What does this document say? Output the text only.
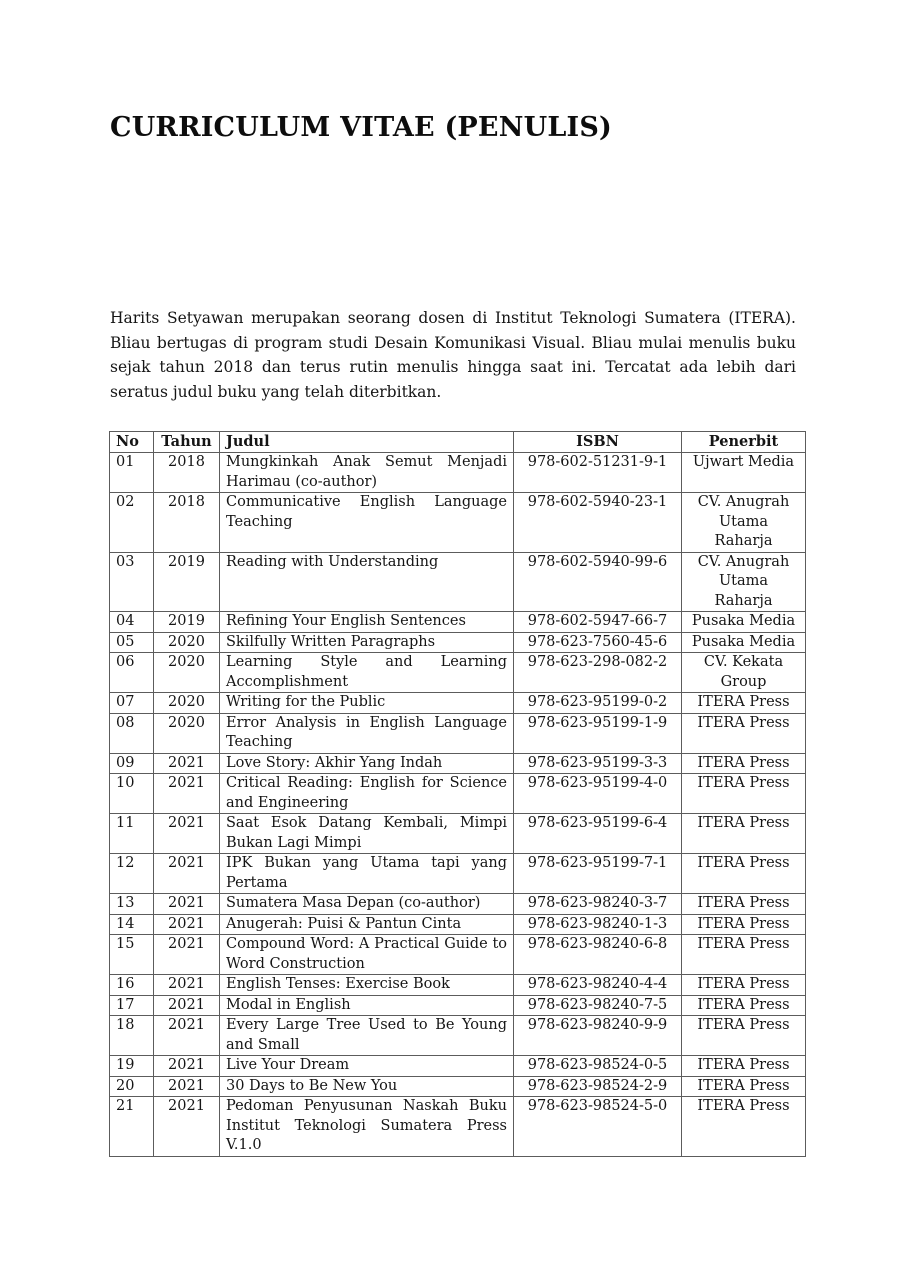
CURRICULUM VITAE (PENULIS)

Harits Setyawan merupakan seorang dosen di Institut Teknologi Sumatera (ITERA). Bliau bertugas di program studi Desain Komunikasi Visual. Bliau mulai menulis buku sejak tahun 2018 dan terus rutin menulis hingga saat ini. Tercatat ada lebih dari seratus judul buku yang telah diterbitkan.

No	Tahun	Judul	ISBN	Penerbit
01	2018	Mungkinkah Anak Semut Menjadi Harimau (co-author)	978-602-51231-9-1	Ujwart Media
02	2018	Communicative English Language Teaching	978-602-5940-23-1	CV. Anugrah Utama Raharja
03	2019	Reading with Understanding	978-602-5940-99-6	CV. Anugrah Utama Raharja
04	2019	Refining Your English Sentences	978-602-5947-66-7	Pusaka Media
05	2020	Skilfully Written Paragraphs	978-623-7560-45-6	Pusaka Media
06	2020	Learning Style and Learning Accomplishment	978-623-298-082-2	CV. Kekata Group
07	2020	Writing for the Public	978-623-95199-0-2	ITERA Press
08	2020	Error Analysis in English Language Teaching	978-623-95199-1-9	ITERA Press
09	2021	Love Story: Akhir Yang Indah	978-623-95199-3-3	ITERA Press
10	2021	Critical Reading: English for Science and Engineering	978-623-95199-4-0	ITERA Press
11	2021	Saat Esok Datang Kembali, Mimpi Bukan Lagi Mimpi	978-623-95199-6-4	ITERA Press
12	2021	IPK Bukan yang Utama tapi yang Pertama	978-623-95199-7-1	ITERA Press
13	2021	Sumatera Masa Depan (co-author)	978-623-98240-3-7	ITERA Press
14	2021	Anugerah: Puisi & Pantun Cinta	978-623-98240-1-3	ITERA Press
15	2021	Compound Word: A Practical Guide to Word Construction	978-623-98240-6-8	ITERA Press
16	2021	English Tenses: Exercise Book	978-623-98240-4-4	ITERA Press
17	2021	Modal in English	978-623-98240-7-5	ITERA Press
18	2021	Every Large Tree Used to Be Young and Small	978-623-98240-9-9	ITERA Press
19	2021	Live Your Dream	978-623-98524-0-5	ITERA Press
20	2021	30 Days to Be New You	978-623-98524-2-9	ITERA Press
21	2021	Pedoman Penyusunan Naskah Buku Institut Teknologi Sumatera Press V.1.0	978-623-98524-5-0	ITERA Press
